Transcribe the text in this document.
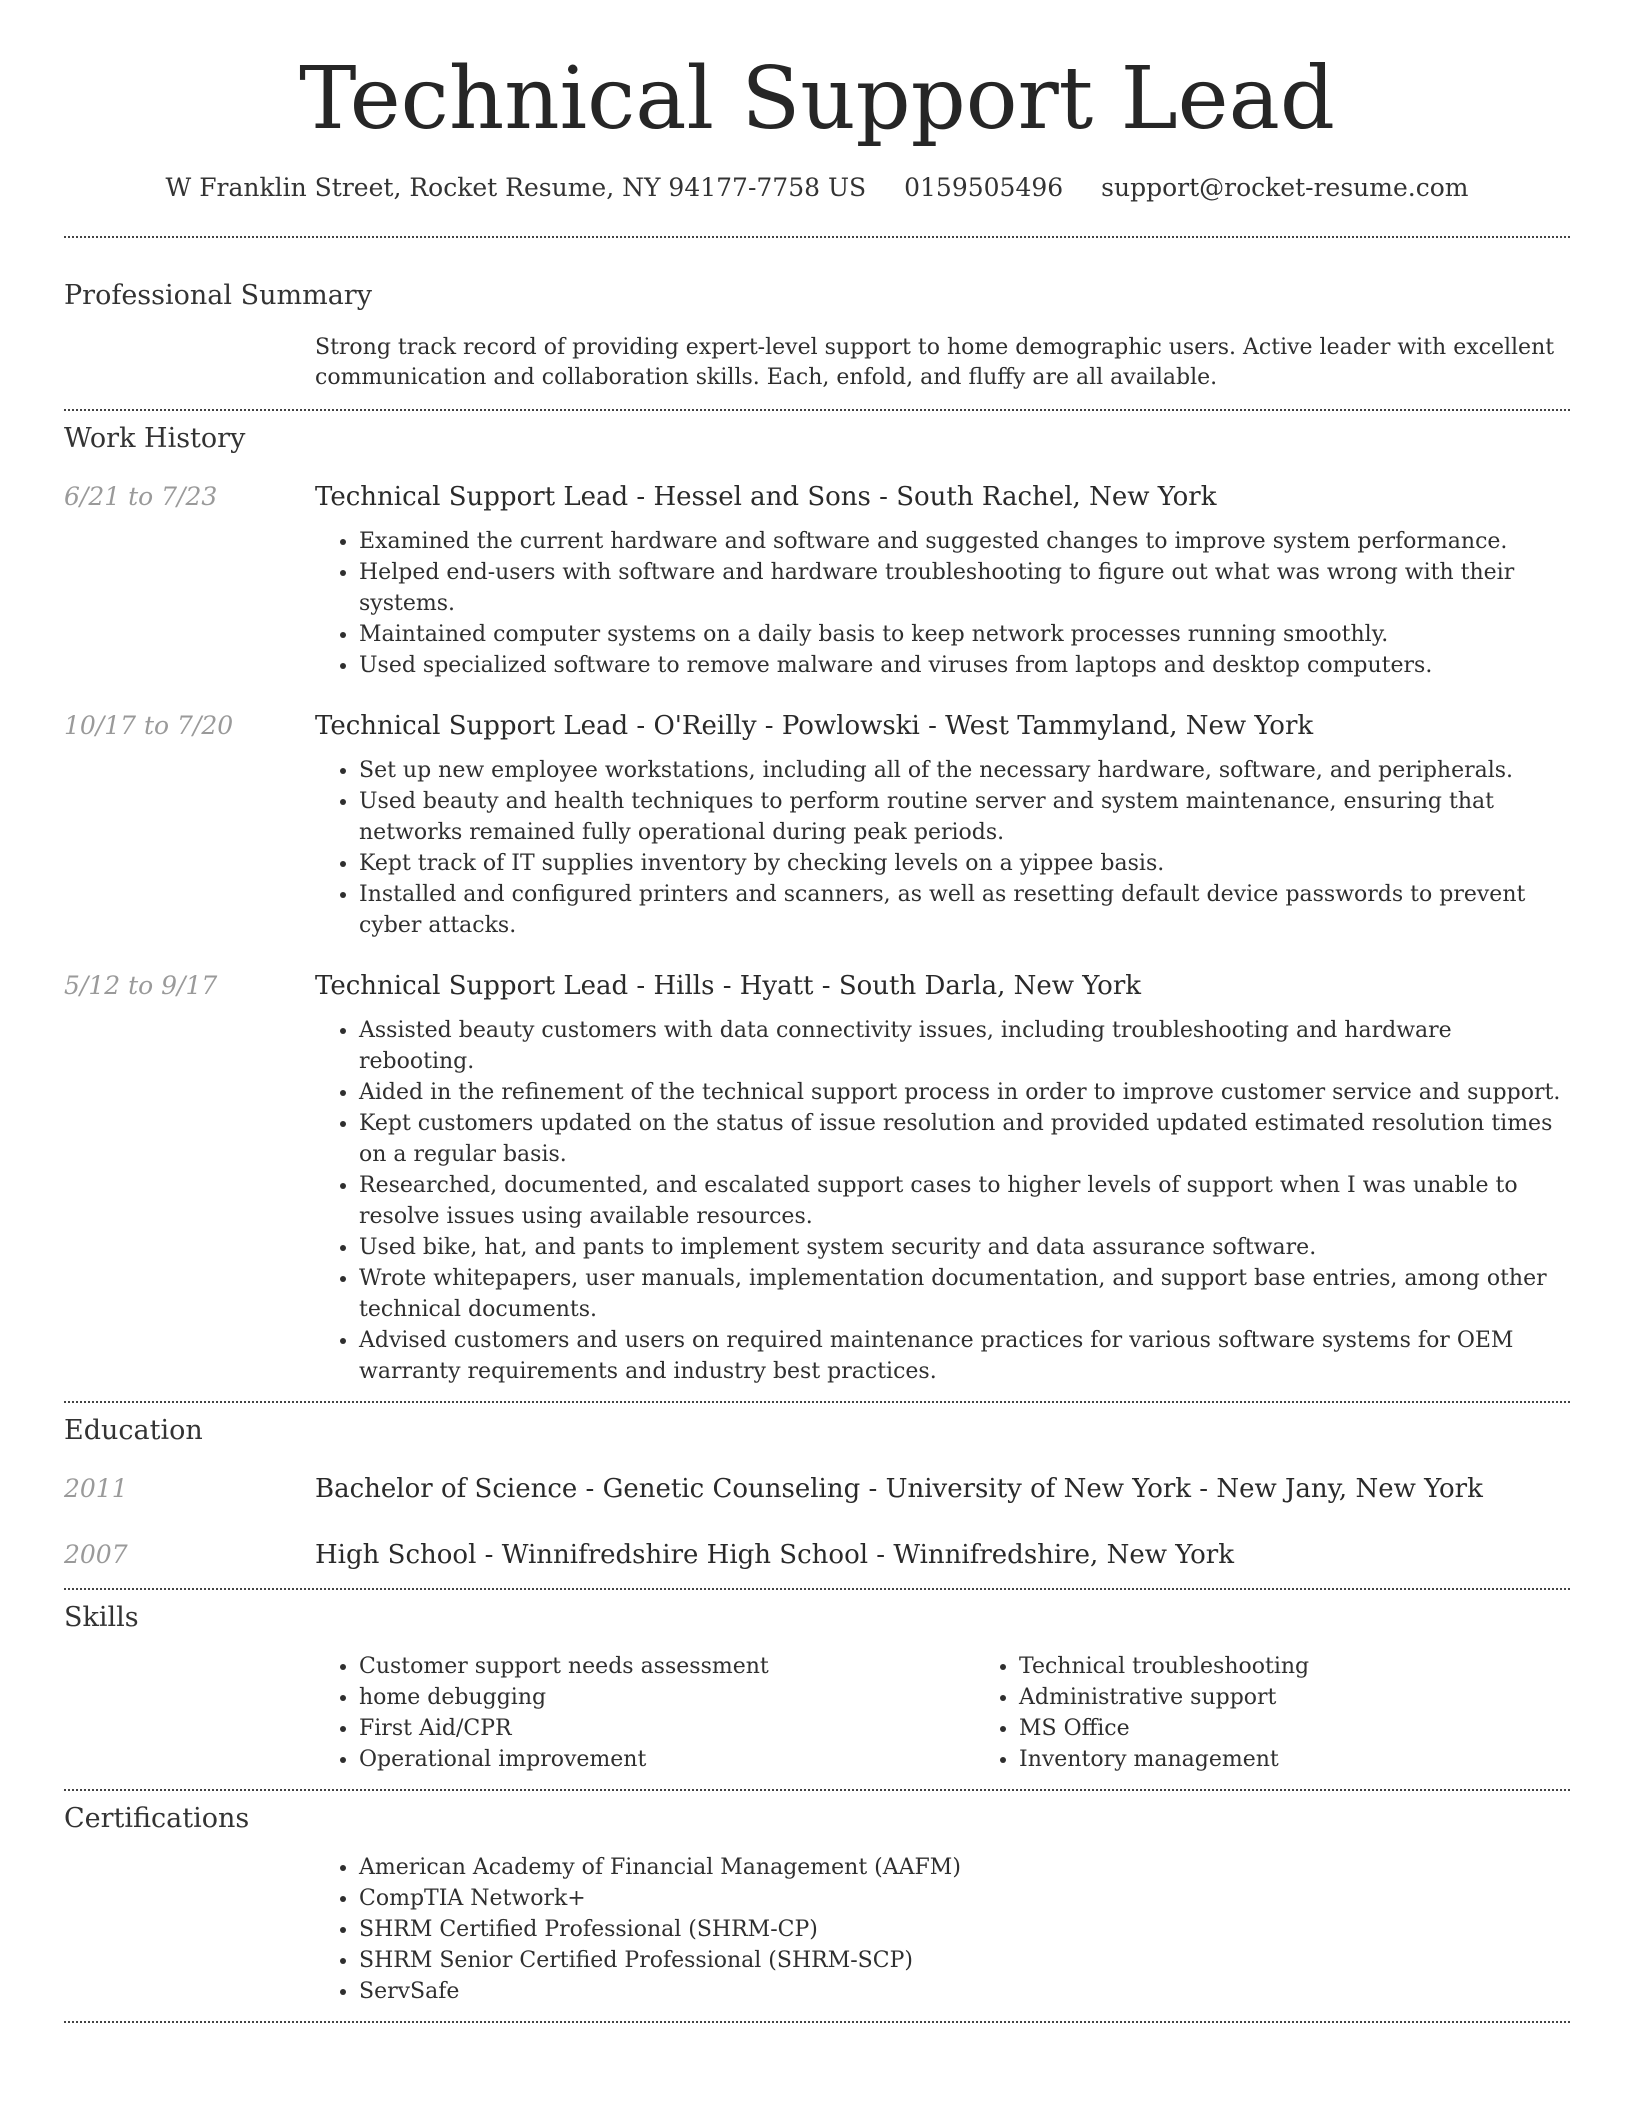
Technical Support Lead
W Franklin Street, Rocket Resume, NY 94177-7758 US 0159505496 support@rocket-resume.com
Professional Summary
Strong track record of providing expert-level support to home demographic users. Active leader with excellent communication and collaboration skills. Each, enfold, and fluffy are all available.
Work History
6/21 to 7/23	Technical Support Lead - Hessel and Sons - South Rachel, New York
• Examined the current hardware and software and suggested changes to improve system performance.
• Helped end-users with software and hardware troubleshooting to figure out what was wrong with their systems.
• Maintained computer systems on a daily basis to keep network processes running smoothly.
• Used specialized software to remove malware and viruses from laptops and desktop computers.
10/17 to 7/20	Technical Support Lead - O'Reilly - Powlowski - West Tammyland, New York
• Set up new employee workstations, including all of the necessary hardware, software, and peripherals.
• Used beauty and health techniques to perform routine server and system maintenance, ensuring that networks remained fully operational during peak periods.
• Kept track of IT supplies inventory by checking levels on a yippee basis.
• Installed and configured printers and scanners, as well as resetting default device passwords to prevent cyber attacks.
5/12 to 9/17	Technical Support Lead - Hills - Hyatt - South Darla, New York
• Assisted beauty customers with data connectivity issues, including troubleshooting and hardware rebooting.
• Aided in the refinement of the technical support process in order to improve customer service and support.
• Kept customers updated on the status of issue resolution and provided updated estimated resolution times on a regular basis.
• Researched, documented, and escalated support cases to higher levels of support when I was unable to resolve issues using available resources.
• Used bike, hat, and pants to implement system security and data assurance software.
• Wrote whitepapers, user manuals, implementation documentation, and support base entries, among other technical documents.
• Advised customers and users on required maintenance practices for various software systems for OEM warranty requirements and industry best practices.
Education
2011	Bachelor of Science - Genetic Counseling - University of New York - New Jany, New York
2007	High School - Winnifredshire High School - Winnifredshire, New York
Skills
• Customer support needs assessment
• home debugging
• First Aid/CPR
• Operational improvement
• Technical troubleshooting
• Administrative support
• MS Office
• Inventory management
Certifications
• American Academy of Financial Management (AAFM)
• CompTIA Network+
• SHRM Certified Professional (SHRM-CP)
• SHRM Senior Certified Professional (SHRM-SCP)
• ServSafe
